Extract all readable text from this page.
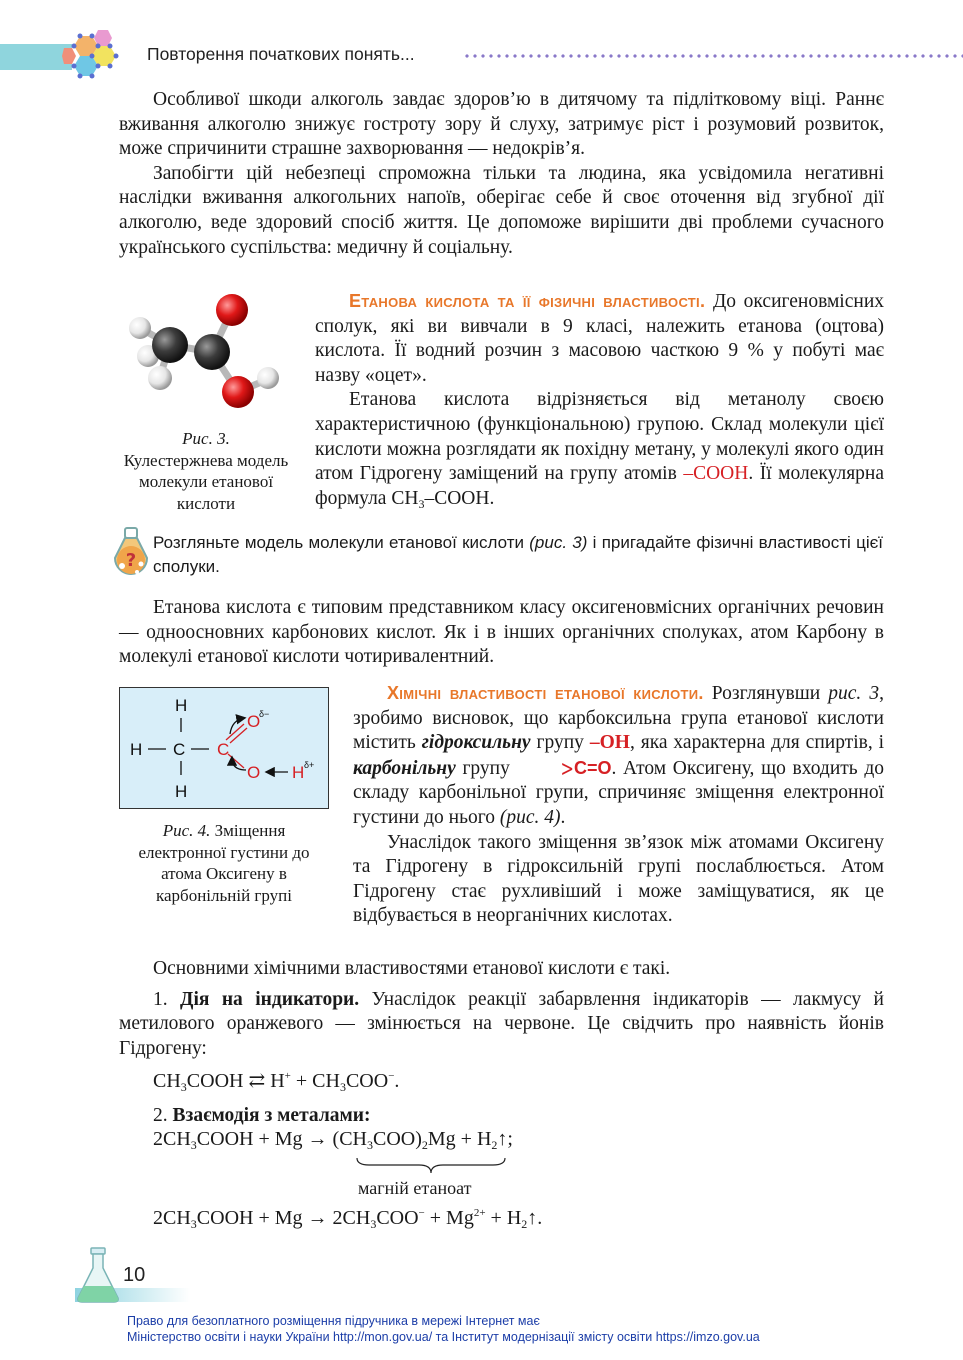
Повторення початкових понять...

Особливої шкоди алкоголь завдає здоров’ю в дитячому та підлітковому віці. Раннє вживання алкоголю знижує гостроту зору й слуху, затримує ріст і розумовий розвиток, може спричинити страшне захворювання — недокрів’я.

Запобігти цій небезпеці спроможна тільки та людина, яка усвідомила негативні наслідки вживання алкогольних напоїв, оберігає себе й своє оточення від згубної дії алкоголю, веде здоровий спосіб життя. Це допоможе вирішити дві проблеми сучасного українського суспільства: медичну й соціальну.

Рис. 3.
Кулестержнева модель молекули етанової кислоти

Етанова кислота та її фізичні властивості. До оксигеновмісних сполук, які ви вивчали в 9 класі, належить етанова (оцтова) кислота. Її водний розчин з масовою часткою 9 % у побуті має назву «оцет».

Етанова кислота відрізняється від метанолу своєю характеристичною (функціональною) групою. Склад молекули цієї кислоти можна розглядати як похідну метану, у молекулі якого один атом Гідрогену заміщений на групу атомів –COOH. Її молекулярна формула $CH_3$–COOH.

?
Розгляньте модель молекули етанової кислоти (рис. 3) і пригадайте фізичні властивості цієї сполуки.

Етанова кислота є типовим представником класу оксигеновмісних органічних речовин — одноосновних карбонових кислот. Як і в інших органічних сполуках, атом Карбону в молекулі етанової кислоти чотиривалентний.

H
H C
H
C
O
O H
δ−
δ+
Рис. 4. Зміщення електронної густини до атома Оксигену в карбонільній групі

Хімічні властивості етанової кислоти. Розглянувши рис. 3, зробимо висновок, що карбоксильна група етанової кислоти містить гідроксильну групу –OH, яка характерна для спиртів, і карбонільну групу	>C=O. Атом Оксигену, що входить до складу карбонільної групи, спричиняє зміщення електронної густини до нього (рис. 4).

Унаслідок такого зміщення зв’язок між атомами Оксигену та Гідрогену в гідроксильній групі послаблюється. Атом Гідрогену стає рухливіший і може заміщуватися, як це відбувається в неорганічних кислотах.

Основними хімічними властивостями етанової кислоти є такі.

1. Дія на індикатори. Унаслідок реакції забарвлення індикаторів — лакмусу й метилового оранжевого — змінюється на червоне. Це свідчить про наявність йонів Гідрогену:

$CH_3COOH$ ⇄ $H^+ + CH_3COO^-$.
2. Взаємодія з металами:
$2CH_3COOH + Mg \to (CH_3COO)_2Mg$ + $H_2↑$;
магній етаноат
$2CH_3COOH + Mg \to 2CH_3COO^- + Mg^{2+}$ + $H_2↑$.
10
Право для безоплатного розміщення підручника в мережі Інтернет має
Міністерство освіти і науки України http://mon.gov.ua/ та Інститут модернізації змісту освіти https://imzo.gov.ua
